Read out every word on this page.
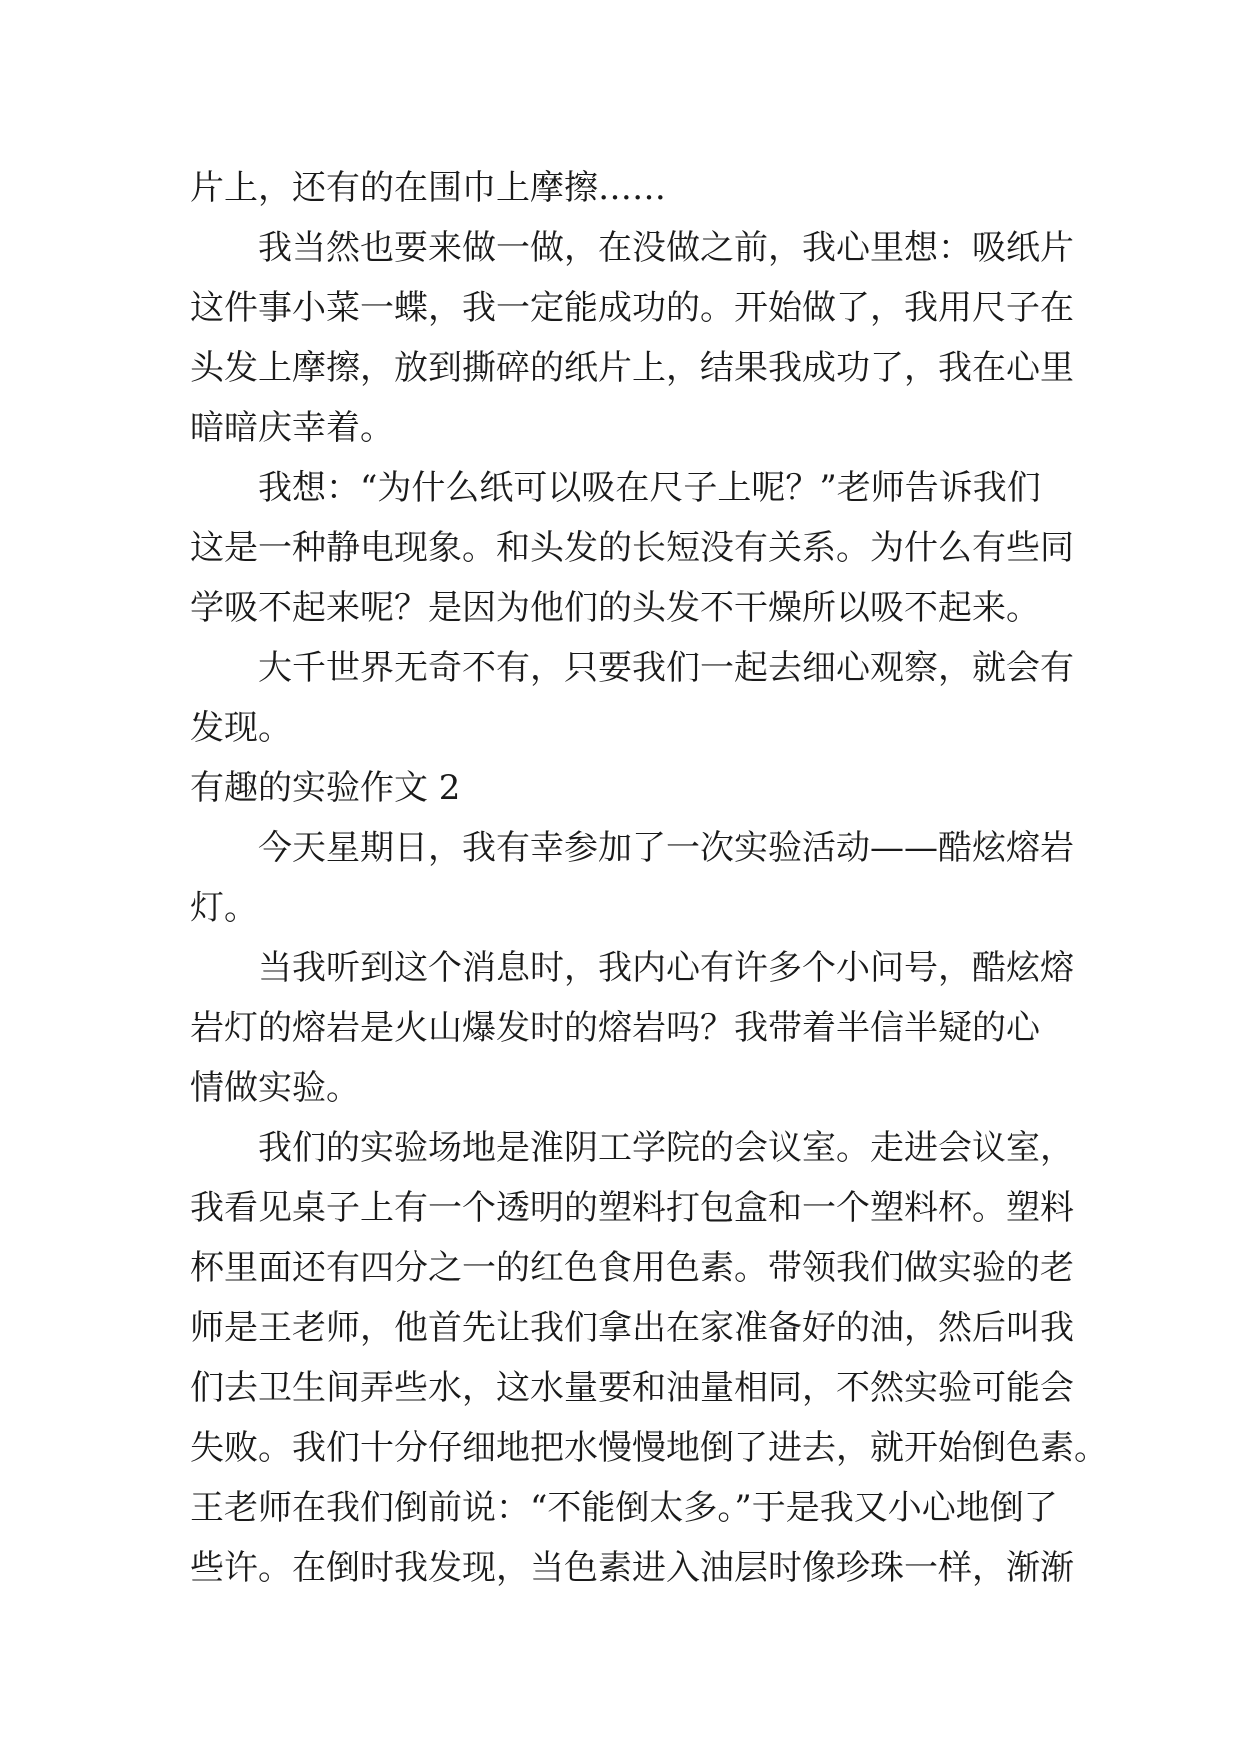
片上，还有的在围巾上摩擦……
我当然也要来做一做，在没做之前，我心里想：吸纸片
这件事小菜一蝶，我一定能成功的。开始做了，我用尺子在
头发上摩擦，放到撕碎的纸片上，结果我成功了，我在心里
暗暗庆幸着。
我想：“为什么纸可以吸在尺子上呢？”老师告诉我们
这是一种静电现象。和头发的长短没有关系。为什么有些同
学吸不起来呢？是因为他们的头发不干燥所以吸不起来。
大千世界无奇不有，只要我们一起去细心观察，就会有
发现。
有趣的实验作文 2
今天星期日，我有幸参加了一次实验活动——酷炫熔岩
灯。
当我听到这个消息时，我内心有许多个小问号，酷炫熔
岩灯的熔岩是火山爆发时的熔岩吗？我带着半信半疑的心
情做实验。
我们的实验场地是淮阴工学院的会议室。走进会议室，
我看见桌子上有一个透明的塑料打包盒和一个塑料杯。塑料
杯里面还有四分之一的红色食用色素。带领我们做实验的老
师是王老师，他首先让我们拿出在家准备好的油，然后叫我
们去卫生间弄些水，这水量要和油量相同，不然实验可能会
失败。我们十分仔细地把水慢慢地倒了进去，就开始倒色素。
王老师在我们倒前说：“不能倒太多。”于是我又小心地倒了
些许。在倒时我发现，当色素进入油层时像珍珠一样，渐渐
